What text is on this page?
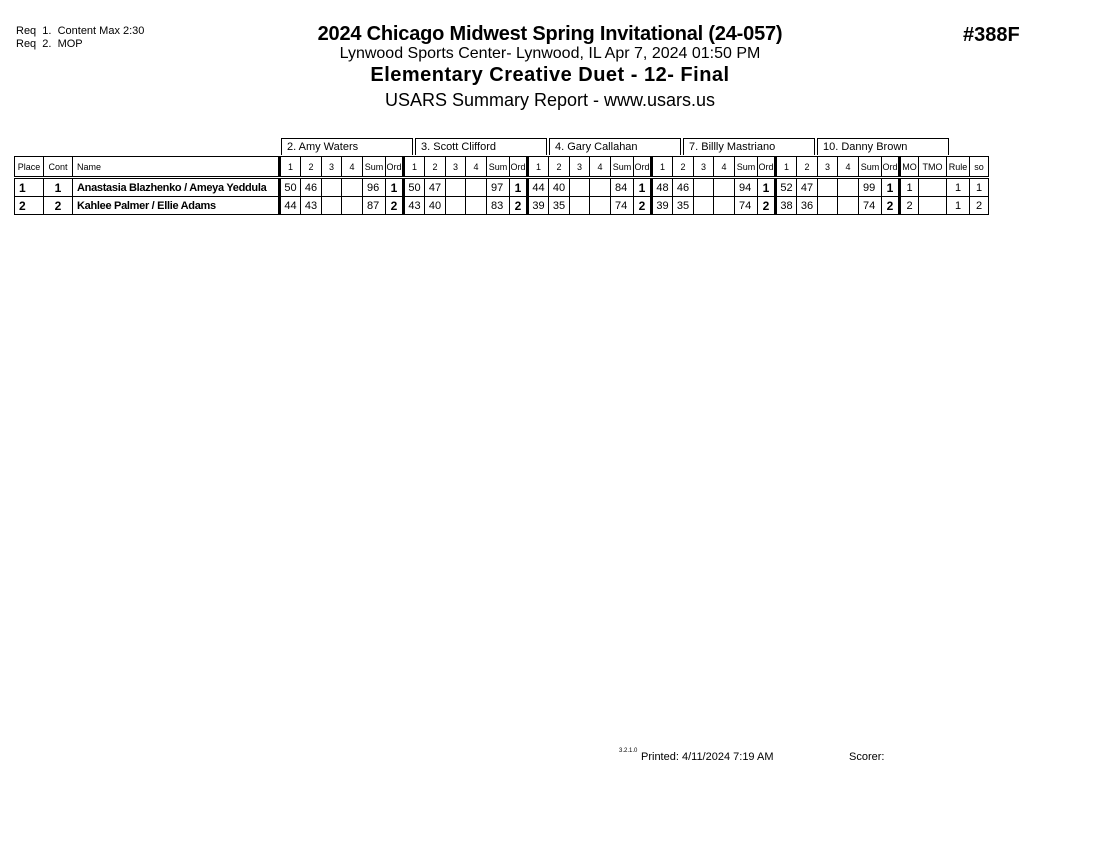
Req  1.  Content Max 2:30
Req  2.  MOP	2024 Chicago Midwest Spring Invitational (24-057)
Lynwood Sports Center- Lynwood, IL Apr 7, 2024 01:50 PM
Elementary Creative Duet - 12- Final
USARS Summary Report - www.usars.us
#388F
2. Amy Waters	3. Scott Clifford	4. Gary Callahan	7. Billly Mastriano	10. Danny Brown
Place	Cont	Name	1	2	3	4	Sum	Ord	1	2	3	4	Sum	Ord	1	2	3	4	Sum	Ord	1	2	3	4	Sum	Ord	1	2	3	4	Sum	Ord	MO	TMO	Rule	so

1	1	Anastasia Blazhenko / Ameya Yeddula	50	46			96	1	50	47			97	1	44	40			84	1	48	46			94	1	52	47			99	1	1		1	1
2	2	Kahlee Palmer / Ellie Adams	44	43			87	2	43	40			83	2	39	35			74	2	39	35			74	2	38	36			74	2	2		1	2
3.2.1.0 Printed: 4/11/2024 7:19 AM	Scorer:
